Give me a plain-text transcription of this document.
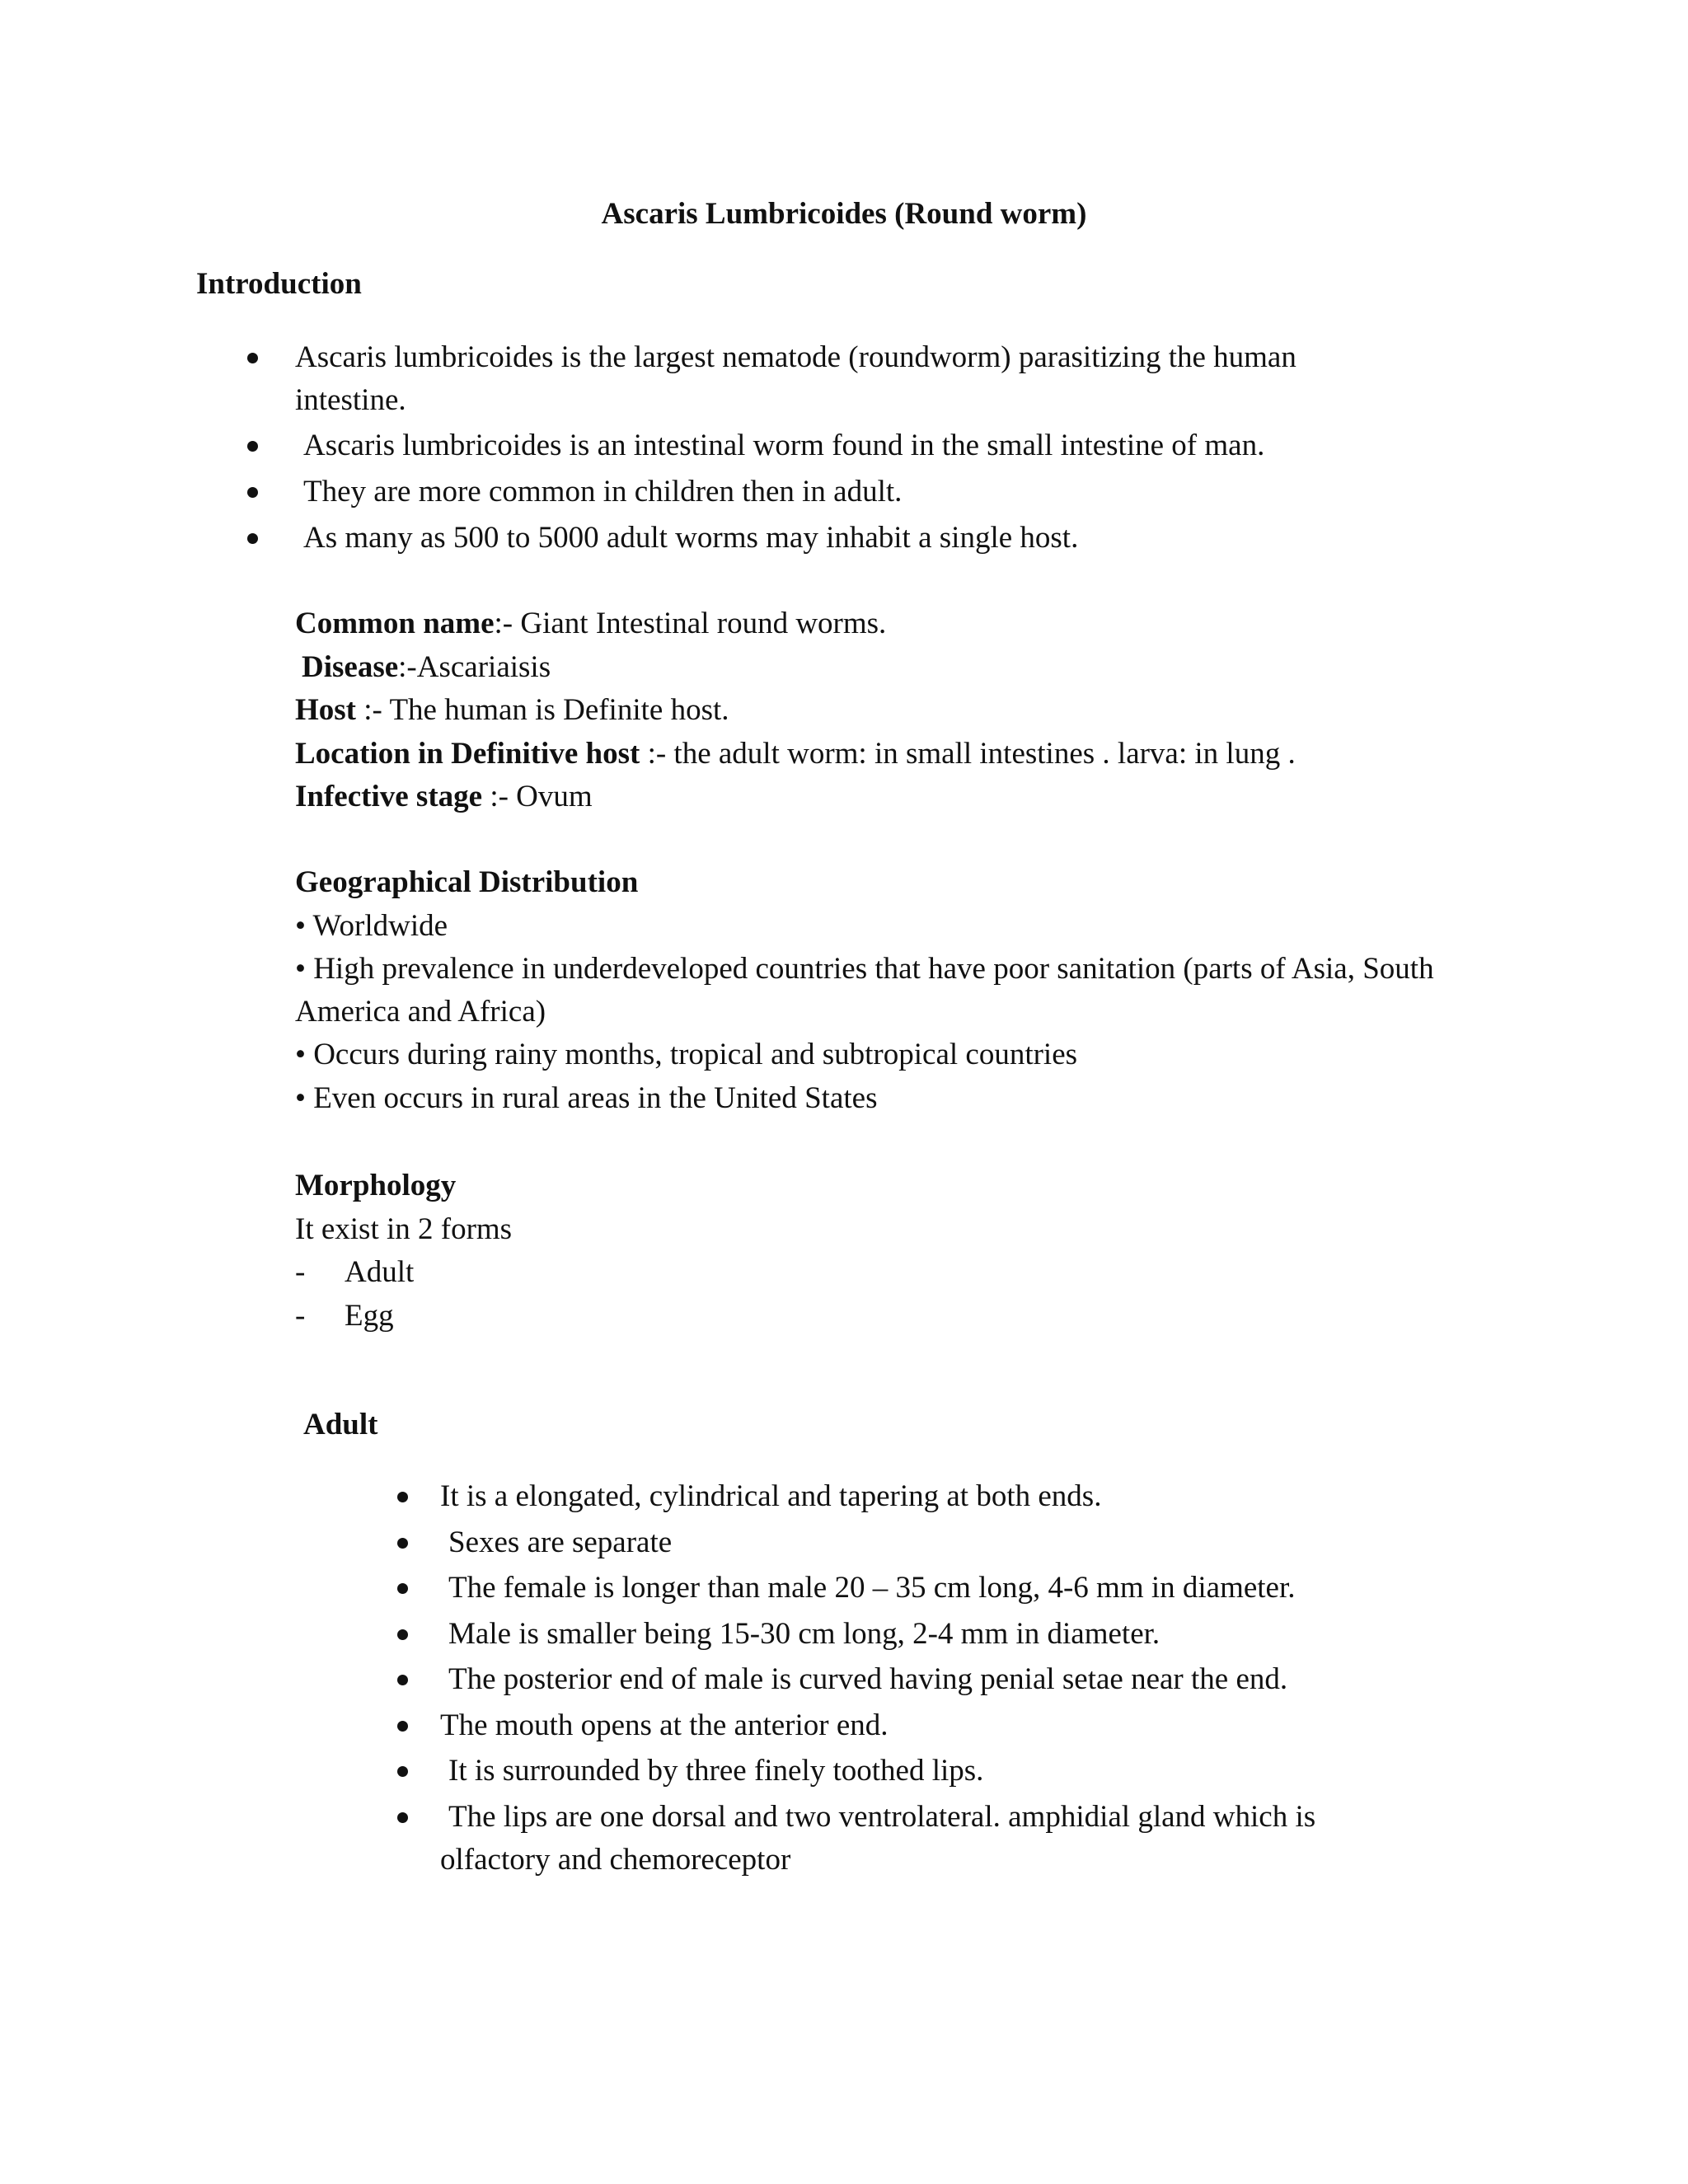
Ascaris Lumbricoides (Round worm)
Introduction
Ascaris lumbricoides is the largest nematode (roundworm) parasitizing the human intestine.
Ascaris lumbricoides is an intestinal worm found in the small intestine of man.
They are more common in children then in adult.
As many as 500 to 5000 adult worms may inhabit a single host.

Common name:- Giant Intestinal round worms.

Disease:-Ascariaisis

Host :- The human is Definite host.

Location in Definitive host :- the adult worm: in small intestines . larva: in lung .

Infective stage :- Ovum

Geographical Distribution

• Worldwide

• High prevalence in underdeveloped countries that have poor sanitation (parts of Asia, South America and Africa)

• Occurs during rainy months, tropical and subtropical countries

• Even occurs in rural areas in the United States

Morphology

It exist in 2 forms

-	Adult
-	Egg
Adult
It is a elongated, cylindrical and tapering at both ends.
Sexes are separate
The female is longer than male 20 – 35 cm long, 4-6 mm in diameter.
Male is smaller being 15-30 cm long, 2-4 mm in diameter.
The posterior end of male is curved having penial setae near the end.
The mouth opens at the anterior end.
It is surrounded by three finely toothed lips.
The lips are one dorsal and two ventrolateral. amphidial gland which is olfactory and chemoreceptor
